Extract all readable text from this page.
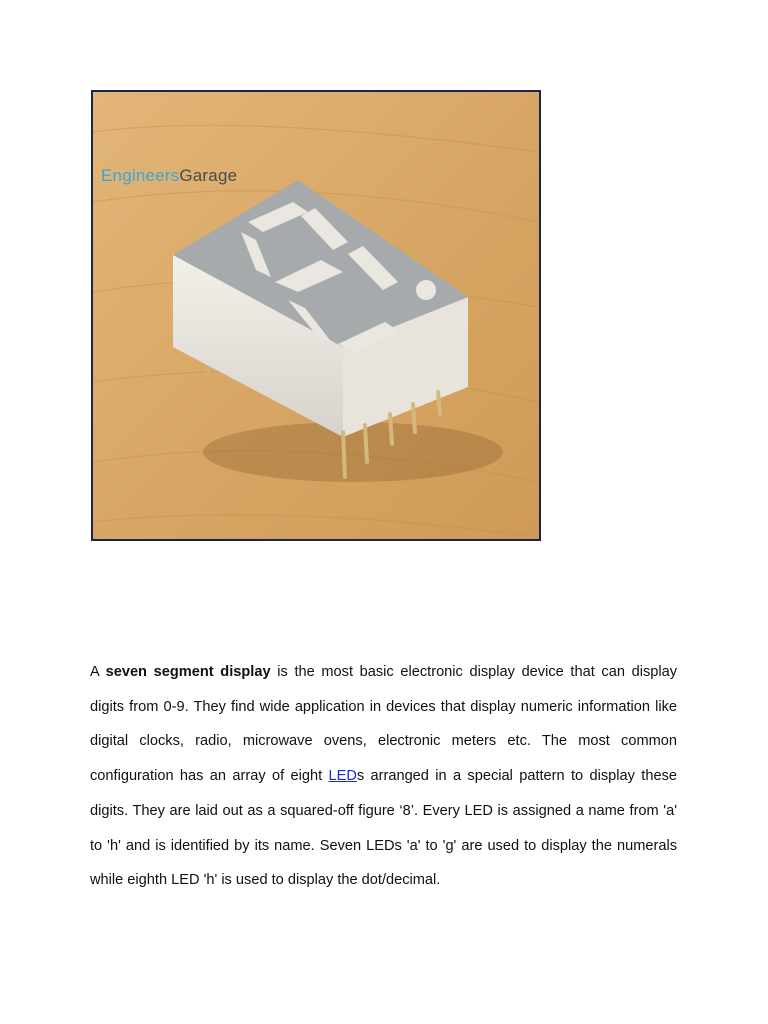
EngineersGarage

A seven segment display is the most basic electronic display device that can display digits from 0-9. They find wide application in devices that display numeric information like digital clocks, radio, microwave ovens, electronic meters etc. The most common configuration has an array of eight LEDs arranged in a special pattern to display these digits. They are laid out as a squared-off figure ‘8’. Every LED is assigned a name from 'a' to 'h' and is identified by its name. Seven LEDs 'a' to 'g' are used to display the numerals while eighth LED 'h' is used to display the dot/decimal.
